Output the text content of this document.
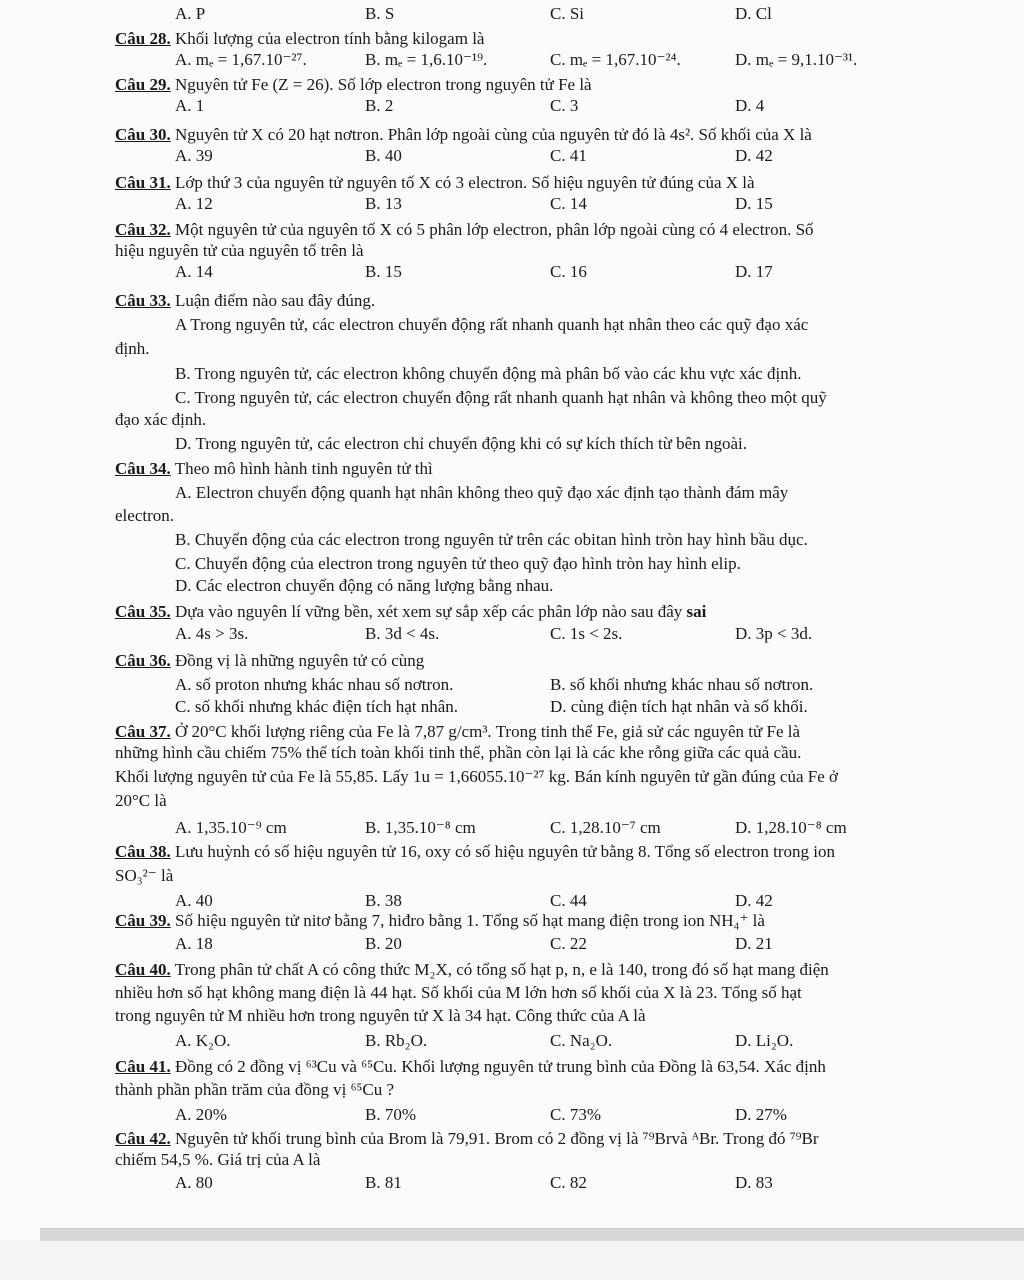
A. P	B. S	C. Si	D. Cl
Câu 28. Khối lượng của electron tính bằng kilogam là
A. mₑ = 1,67.10⁻²⁷.	B. mₑ = 1,6.10⁻¹⁹.	C. mₑ = 1,67.10⁻²⁴.	D. mₑ = 9,1.10⁻³¹.
Câu 29. Nguyên tử Fe (Z = 26). Số lớp electron trong nguyên tử Fe là
A. 1	B. 2	C. 3	D. 4
Câu 30. Nguyên tử X có 20 hạt nơtron. Phân lớp ngoài cùng của nguyên tử đó là 4s². Số khối của X là
A. 39	B. 40	C. 41	D. 42
Câu 31. Lớp thứ 3 của nguyên tử nguyên tố X có 3 electron. Số hiệu nguyên tử đúng của X là
A. 12	B. 13	C. 14	D. 15
Câu 32. Một nguyên tử của nguyên tố X có 5 phân lớp electron, phân lớp ngoài cùng có 4 electron. Số
hiệu nguyên tử của nguyên tố trên là
A. 14	B. 15	C. 16	D. 17
Câu 33. Luận điểm nào sau đây đúng.
A Trong nguyên tử, các electron chuyển động rất nhanh quanh hạt nhân theo các quỹ đạo xác
định.
B. Trong nguyên tử, các electron không chuyển động mà phân bố vào các khu vực xác định.
C. Trong nguyên tử, các electron chuyển động rất nhanh quanh hạt nhân và không theo một quỹ
đạo xác định.
D. Trong nguyên tử, các electron chỉ chuyển động khi có sự kích thích từ bên ngoài.
Câu 34. Theo mô hình hành tinh nguyên tử thì
A. Electron chuyển động quanh hạt nhân không theo quỹ đạo xác định tạo thành đám mây
electron.
B. Chuyển động của các electron trong nguyên tử trên các obitan hình tròn hay hình bầu dục.
C. Chuyển động của electron trong nguyên tử theo quỹ đạo hình tròn hay hình elip.
D. Các electron chuyển động có năng lượng bằng nhau.
Câu 35. Dựa vào nguyên lí vững bền, xét xem sự sắp xếp các phân lớp nào sau đây sai
A. 4s > 3s.	B. 3d < 4s.	C. 1s < 2s.	D. 3p < 3d.
Câu 36. Đồng vị là những nguyên tử có cùng
A. số proton nhưng khác nhau số nơtron.	B. số khối nhưng khác nhau số nơtron.
C. số khối nhưng khác điện tích hạt nhân.	D. cùng điện tích hạt nhân và số khối.
Câu 37. Ở 20°C khối lượng riêng của Fe là 7,87 g/cm³. Trong tinh thể Fe, giả sử các nguyên tử Fe là
những hình cầu chiếm 75% thể tích toàn khối tinh thể, phần còn lại là các khe rỗng giữa các quả cầu.
Khối lượng nguyên tử của Fe là 55,85. Lấy 1u = 1,66055.10⁻²⁷ kg. Bán kính nguyên tử gần đúng của Fe ở
20°C là
A. 1,35.10⁻⁹ cm	B. 1,35.10⁻⁸ cm	C. 1,28.10⁻⁷ cm	D. 1,28.10⁻⁸ cm
Câu 38. Lưu huỳnh có số hiệu nguyên tử 16, oxy có số hiệu nguyên tử bằng 8. Tổng số electron trong ion
SO₃²⁻ là
A. 40	B. 38	C. 44	D. 42
Câu 39. Số hiệu nguyên tử nitơ bằng 7, hiđro bằng 1. Tổng số hạt mang điện trong ion NH₄⁺ là
A. 18	B. 20	C. 22	D. 21
Câu 40. Trong phân tử chất A có công thức M₂X, có tổng số hạt p, n, e là 140, trong đó số hạt mang điện
nhiều hơn số hạt không mang điện là 44 hạt. Số khối của M lớn hơn số khối của X là 23. Tổng số hạt
trong nguyên tử M nhiều hơn trong nguyên tử X là 34 hạt. Công thức của A là
A. K₂O.	B. Rb₂O.	C. Na₂O.	D. Li₂O.
Câu 41. Đồng có 2 đồng vị ⁶³Cu và ⁶⁵Cu. Khối lượng nguyên tử trung bình của Đồng là 63,54. Xác định
thành phần phần trăm của đồng vị ⁶⁵Cu ?
A. 20%	B. 70%	C. 73%	D. 27%
Câu 42. Nguyên tử khối trung bình của Brom là 79,91. Brom có 2 đồng vị là ⁷⁹Brvà ᴬBr. Trong đó ⁷⁹Br
chiếm 54,5 %. Giá trị của A là
A. 80	B. 81	C. 82	D. 83
